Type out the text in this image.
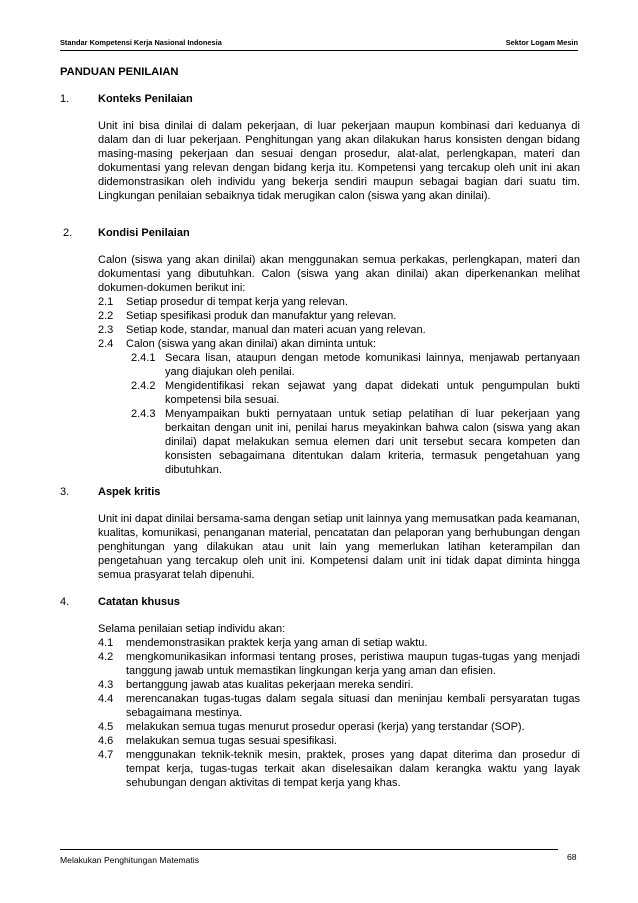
Standar Kompetensi Kerja Nasional Indonesia	Sektor Logam Mesin
PANDUAN PENILAIAN
1.	Konteks Penilaian

Unit ini bisa dinilai di dalam pekerjaan, di luar pekerjaan maupun kombinasi dari keduanya di dalam dan di luar pekerjaan. Penghitungan yang akan dilakukan harus konsisten dengan bidang masing-masing pekerjaan dan sesuai dengan prosedur, alat-alat, perlengkapan, materi dan dokumentasi yang relevan dengan bidang kerja itu. Kompetensi yang tercakup oleh unit ini akan didemonstrasikan oleh individu yang bekerja sendiri maupun sebagai bagian dari suatu tim. Lingkungan penilaian sebaiknya tidak merugikan calon (siswa yang akan dinilai).

2. Kondisi Penilaian

Calon (siswa yang akan dinilai) akan menggunakan semua perkakas, perlengkapan, materi dan dokumentasi yang dibutuhkan. Calon (siswa yang akan dinilai) akan diperkenankan melihat dokumen-dokumen berikut ini:

2.1 Setiap prosedur di tempat kerja yang relevan.
2.2 Setiap spesifikasi produk dan manufaktur yang relevan.
2.3 Setiap kode, standar, manual dan materi acuan yang relevan.
2.4 Calon (siswa yang akan dinilai) akan diminta untuk:
2.4.1 Secara lisan, ataupun dengan metode komunikasi lainnya, menjawab pertanyaan yang diajukan oleh penilai.
2.4.2 Mengidentifikasi rekan sejawat yang dapat didekati untuk pengumpulan bukti kompetensi bila sesuai.
2.4.3 Menyampaikan bukti pernyataan untuk setiap pelatihan di luar pekerjaan yang berkaitan dengan unit ini, penilai harus meyakinkan bahwa calon (siswa yang akan dinilai) dapat melakukan semua elemen dari unit tersebut secara kompeten dan konsisten sebagaimana ditentukan dalam kriteria, termasuk pengetahuan yang dibutuhkan.
3.	Aspek kritis

Unit ini dapat dinilai bersama-sama dengan setiap unit lainnya yang memusatkan pada keamanan, kualitas, komunikasi, penanganan material, pencatatan dan pelaporan yang berhubungan dengan penghitungan yang dilakukan atau unit lain yang memerlukan latihan keterampilan dan pengetahuan yang tercakup oleh unit ini. Kompetensi dalam unit ini tidak dapat diminta hingga semua prasyarat telah dipenuhi.

4.	Catatan khusus

Selama penilaian setiap individu akan:

4.1 mendemonstrasikan praktek kerja yang aman di setiap waktu.
4.2 mengkomunikasikan informasi tentang proses, peristiwa maupun tugas-tugas yang menjadi tanggung jawab untuk memastikan lingkungan kerja yang aman dan efisien.
4.3 bertanggung jawab atas kualitas pekerjaan mereka sendiri.
4.4 merencanakan tugas-tugas dalam segala situasi dan meninjau kembali persyaratan tugas sebagaimana mestinya.
4.5 melakukan semua tugas menurut prosedur operasi (kerja) yang terstandar (SOP).
4.6 melakukan semua tugas sesuai spesifikasi.
4.7 menggunakan teknik-teknik mesin, praktek, proses yang dapat diterima dan prosedur di tempat kerja, tugas-tugas terkait akan diselesaikan dalam kerangka waktu yang layak sehubungan dengan aktivitas di tempat kerja yang khas.
Melakukan Penghitungan Matematis	68
